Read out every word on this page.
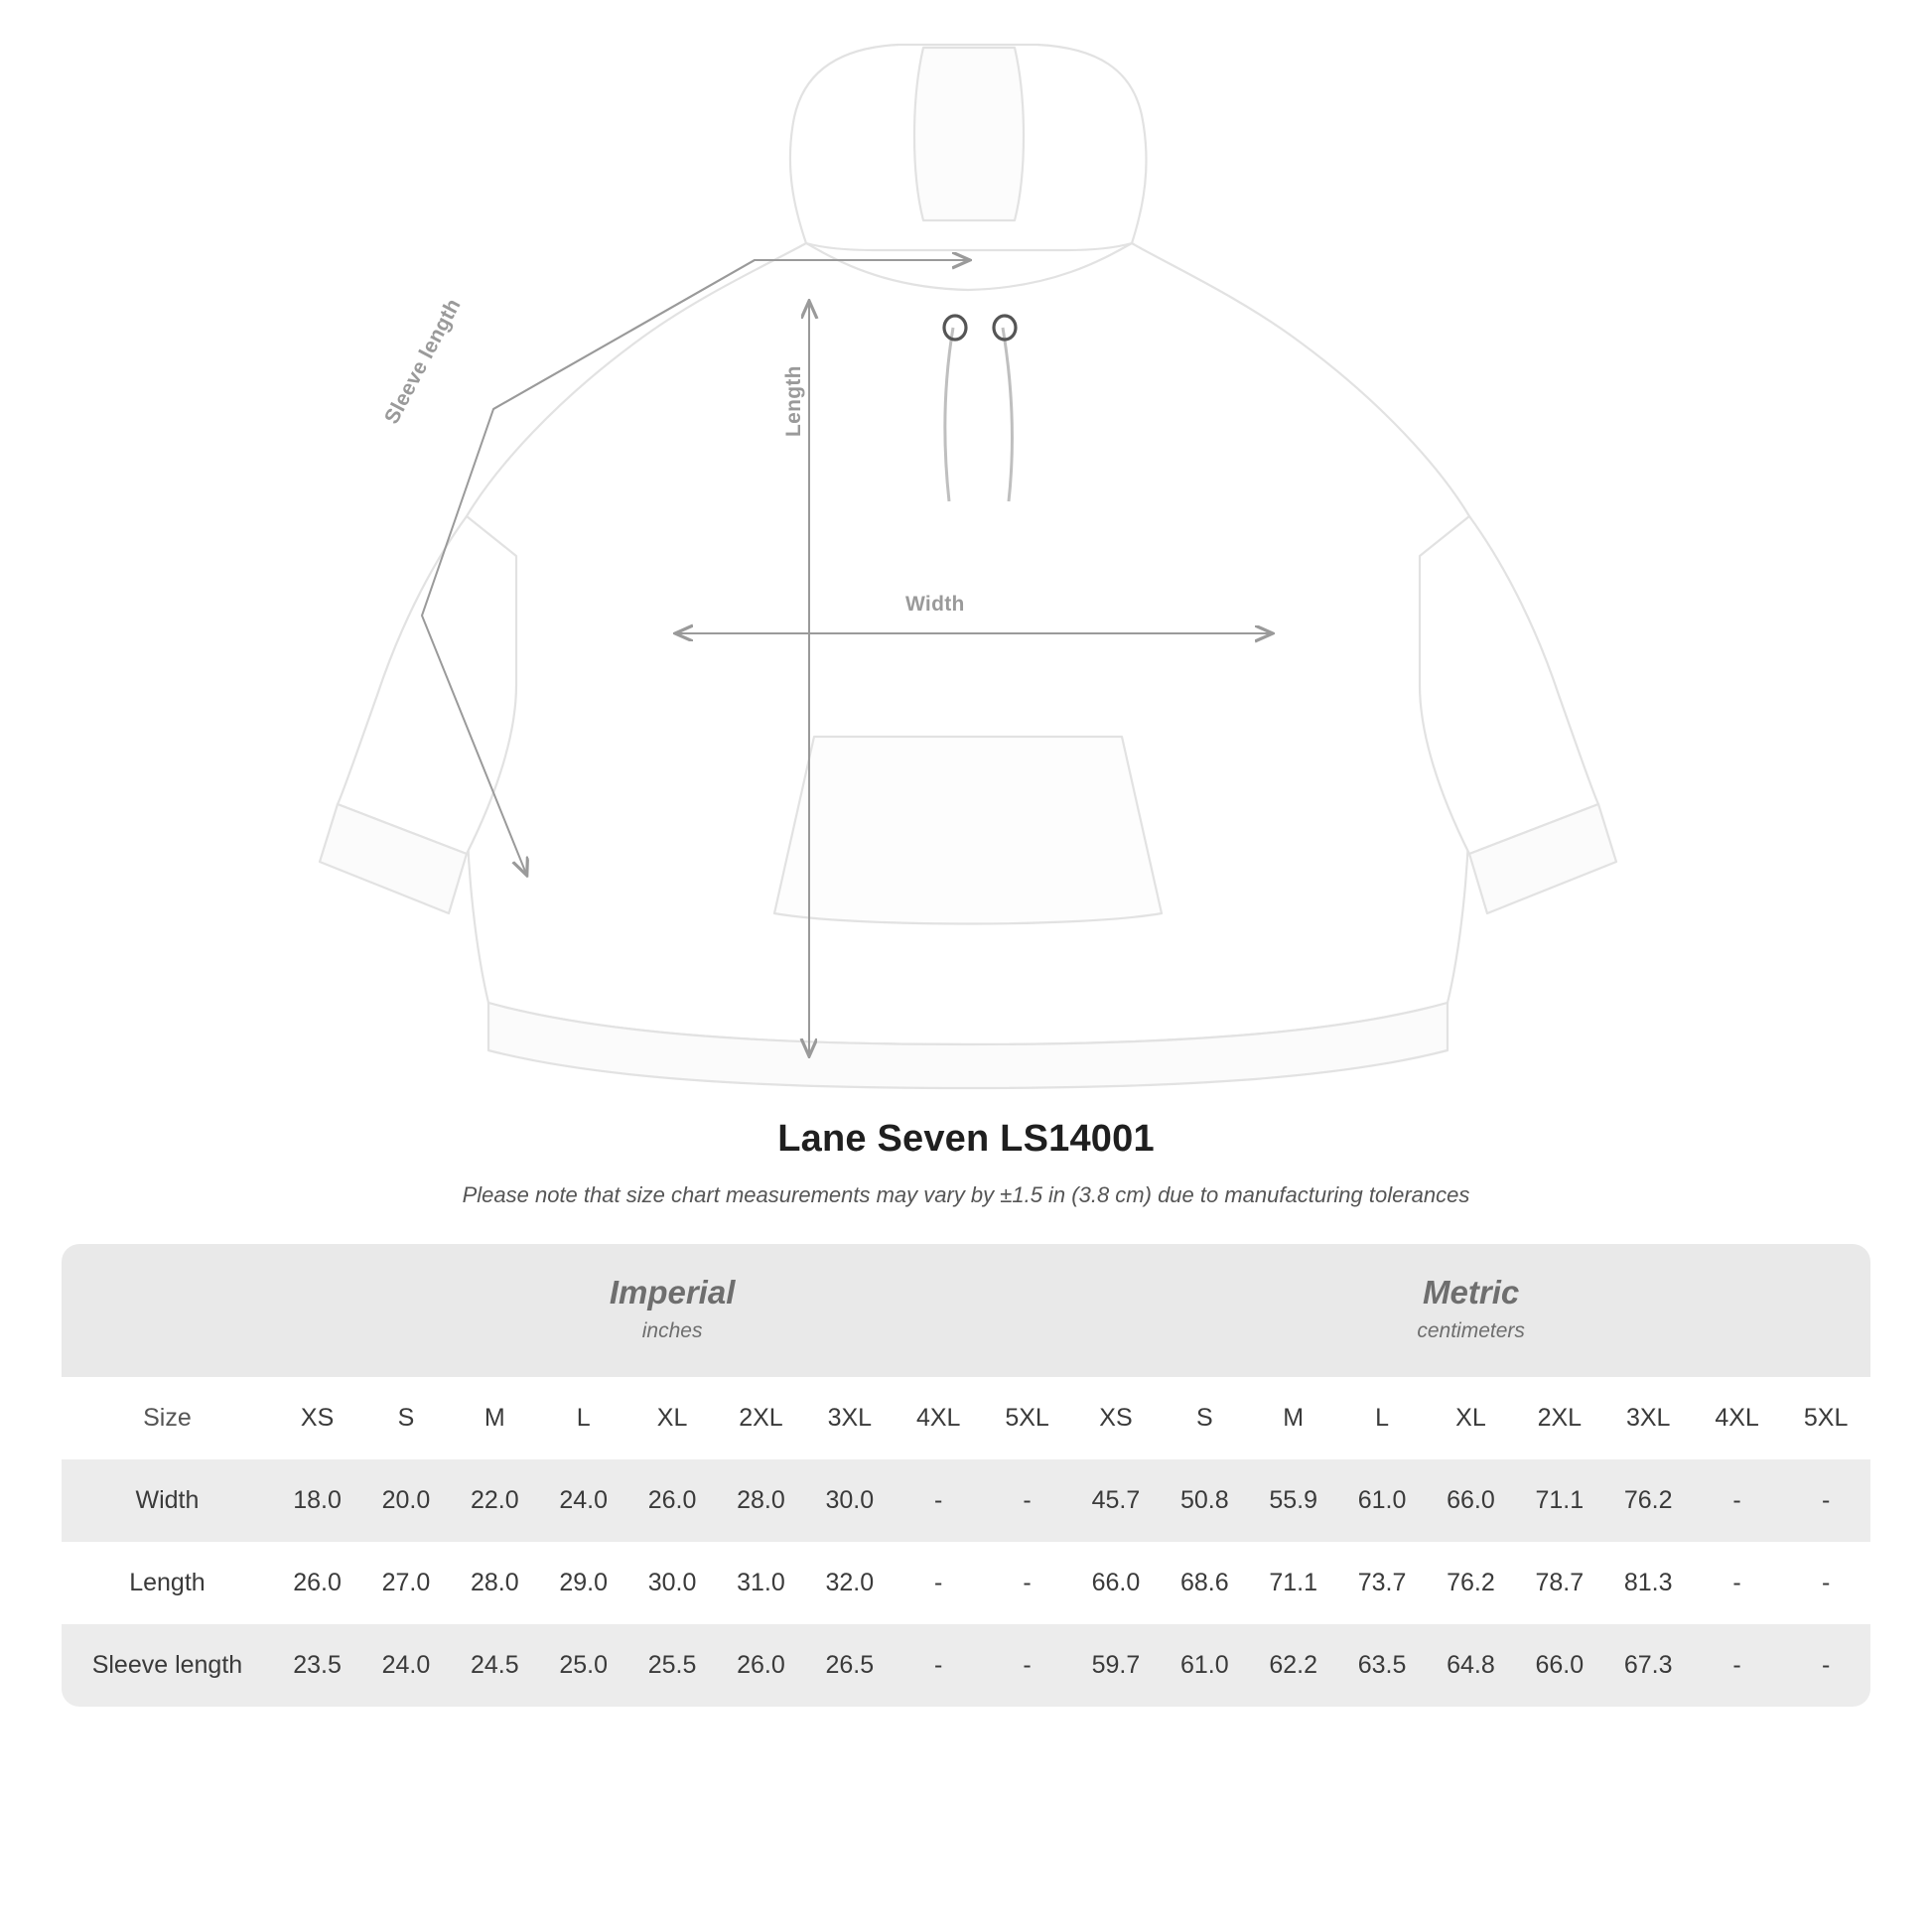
Width
Length
Sleeve length
Lane Seven LS14001
Please note that size chart measurements may vary by ±1.5 in (3.8 cm) due to manufacturing tolerances

	Imperial
inches									Metric
centimeters								

Size	XS	S	M	L	XL	2XL	3XL	4XL	5XL	XS	S	M	L	XL	2XL	3XL	4XL	5XL
Width	18.0	20.0	22.0	24.0	26.0	28.0	30.0	-	-	45.7	50.8	55.9	61.0	66.0	71.1	76.2	-	-
Length	26.0	27.0	28.0	29.0	30.0	31.0	32.0	-	-	66.0	68.6	71.1	73.7	76.2	78.7	81.3	-	-
Sleeve length	23.5	24.0	24.5	25.0	25.5	26.0	26.5	-	-	59.7	61.0	62.2	63.5	64.8	66.0	67.3	-	-
